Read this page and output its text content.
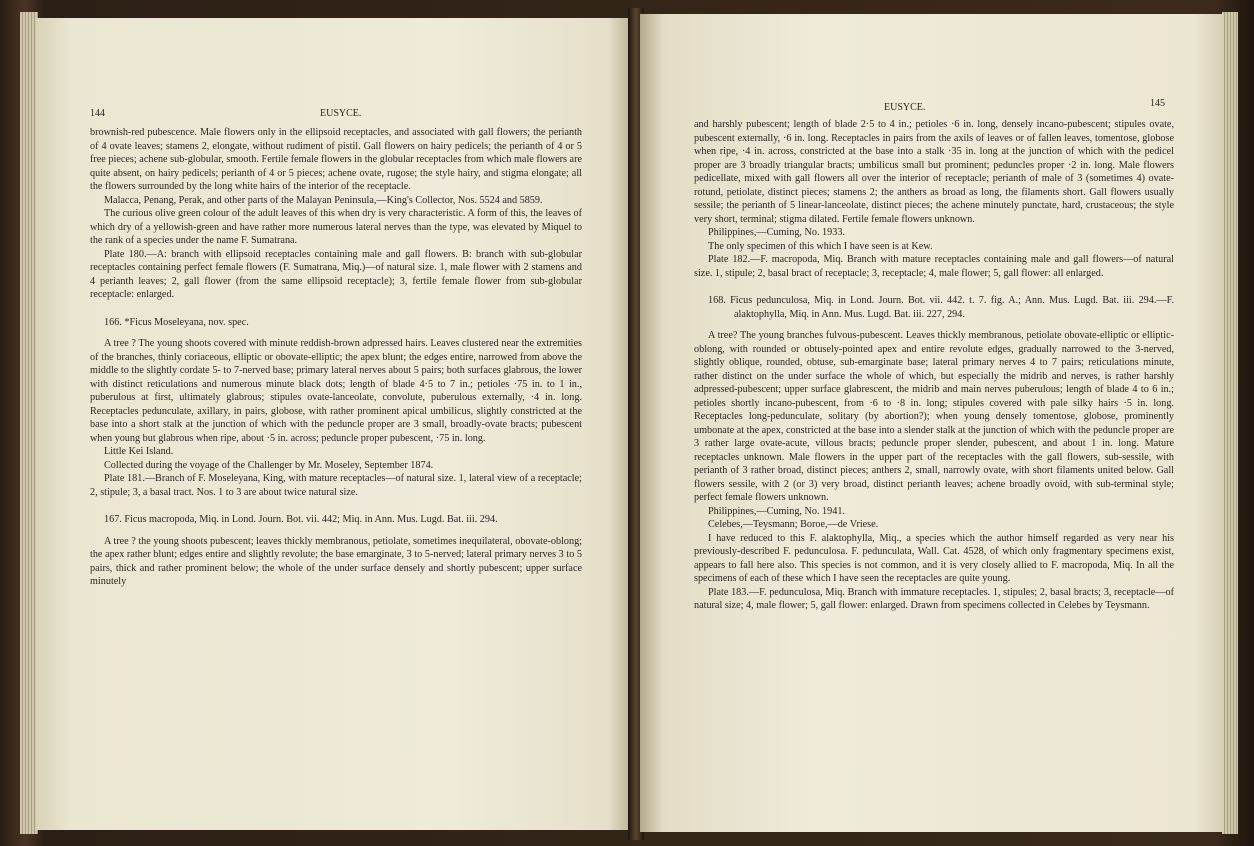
144	EUSYCE.

brownish-red pubescence. Male flowers only in the ellipsoid receptacles, and associated with gall flowers; the perianth of 4 ovate leaves; stamens 2, elongate, without rudiment of pistil. Gall flowers on hairy pedicels; the perianth of 4 or 5 free pieces; achene sub-globular, smooth. Fertile female flowers in the globular receptacles from which male flowers are quite absent, on hairy pedicels; perianth of 4 or 5 pieces; achene ovate, rugose; the style hairy, and stigma elongate; all the flowers surrounded by the long white hairs of the interior of the receptacle.

Malacca, Penang, Perak, and other parts of the Malayan Peninsula,—King's Collector, Nos. 5524 and 5859.

The curious olive green colour of the adult leaves of this when dry is very characteristic. A form of this, the leaves of which dry of a yellowish-green and have rather more numerous lateral nerves than the type, was elevated by Miquel to the rank of a species under the name F. Sumatrana.

Plate 180.—A: branch with ellipsoid receptacles containing male and gall flowers. B: branch with sub-globular receptacles containing perfect female flowers (F. Sumatrana, Miq.)—of natural size. 1, male flower with 2 stamens and 4 perianth leaves; 2, gall flower (from the same ellipsoid receptacle); 3, fertile female flower from sub-globular receptacle: enlarged.

166. *Ficus Moseleyana, nov. spec.

A tree ? The young shoots covered with minute reddish-brown adpressed hairs. Leaves clustered near the extremities of the branches, thinly coriaceous, elliptic or obovate-elliptic; the apex blunt; the edges entire, narrowed from above the middle to the slightly cordate 5- to 7-nerved base; primary lateral nerves about 5 pairs; both surfaces glabrous, the lower with distinct reticulations and numerous minute black dots; length of blade 4·5 to 7 in.; petioles ·75 in. to 1 in., puberulous at first, ultimately glabrous; stipules ovate-lanceolate, convolute, puberulous externally, ·4 in. long. Receptacles pedunculate, axillary, in pairs, globose, with rather prominent apical umbilicus, slightly constricted at the base into a short stalk at the junction of which with the peduncle proper are 3 small, broadly-ovate bracts; pubescent when young but glabrous when ripe, about ·5 in. across; peduncle proper pubescent, ·75 in. long.

Little Kei Island.

Collected during the voyage of the Challenger by Mr. Moseley, September 1874.

Plate 181.—Branch of F. Moseleyana, King, with mature receptacles—of natural size. 1, lateral view of a receptacle; 2, stipule; 3, a basal tract. Nos. 1 to 3 are about twice natural size.

167. Ficus macropoda, Miq. in Lond. Journ. Bot. vii. 442; Miq. in Ann. Mus. Lugd. Bat. iii. 294.

A tree ? the young shoots pubescent; leaves thickly membranous, petiolate, sometimes inequilateral, obovate-oblong; the apex rather blunt; edges entire and slightly revolute; the base emarginate, 3 to 5-nerved; lateral primary nerves 3 to 5 pairs, thick and rather prominent below; the whole of the under surface densely and shortly pubescent; upper surface minutely

EUSYCE.	145

and harshly pubescent; length of blade 2·5 to 4 in.; petioles ·6 in. long, densely incano-pubescent; stipules ovate, pubescent externally, ·6 in. long. Receptacles in pairs from the axils of leaves or of fallen leaves, tomentose, globose when ripe, ·4 in. across, constricted at the base into a stalk ·35 in. long at the junction of which with the pedicel proper are 3 broadly triangular bracts; umbilicus small but prominent; peduncles proper ·2 in. long. Male flowers pedicellate, mixed with gall flowers all over the interior of receptacle; perianth of male of 3 (sometimes 4) ovate-rotund, petiolate, distinct pieces; stamens 2; the anthers as broad as long, the filaments short. Gall flowers usually sessile; the perianth of 5 linear-lanceolate, distinct pieces; the achene minutely punctate, hard, crustaceous; the style very short, terminal; stigma dilated. Fertile female flowers unknown.

Philippines,—Cuming, No. 1933.

The only specimen of this which I have seen is at Kew.

Plate 182.—F. macropoda, Miq. Branch with mature receptacles containing male and gall flowers—of natural size. 1, stipule; 2, basal bract of receptacle; 3, receptacle; 4, male flower; 5, gall flower: all enlarged.

168. Ficus pedunculosa, Miq. in Lond. Journ. Bot. vii. 442. t. 7. fig. A.; Ann. Mus. Lugd. Bat. iii. 294.—F. alaktophylla, Miq. in Ann. Mus. Lugd. Bat. iii. 227, 294.

A tree? The young branches fulvous-pubescent. Leaves thickly membranous, petiolate obovate-elliptic or elliptic-oblong, with rounded or obtusely-pointed apex and entire revolute edges, gradually narrowed to the 3-nerved, slightly oblique, rounded, obtuse, sub-emarginate base; lateral primary nerves 4 to 7 pairs; reticulations minute, rather distinct on the under surface the whole of which, but especially the midrib and nerves, is rather harshly adpressed-pubescent; upper surface glabrescent, the midrib and main nerves puberulous; length of blade 4 to 6 in.; petioles shortly incano-pubescent, from ·6 to ·8 in. long; stipules covered with pale silky hairs ·5 in. long. Receptacles long-pedunculate, solitary (by abortion?); when young densely tomentose, globose, prominently umbonate at the apex, constricted at the base into a slender stalk at the junction of which with the peduncle proper are 3 rather large ovate-acute, villous bracts; peduncle proper slender, pubescent, and about 1 in. long. Mature receptacles unknown. Male flowers in the upper part of the receptacles with the gall flowers, sub-sessile, with perianth of 3 rather broad, distinct pieces; anthers 2, small, narrowly ovate, with short filaments united below. Gall flowers sessile, with 2 (or 3) very broad, distinct perianth leaves; achene broadly ovoid, with sub-terminal style; perfect female flowers unknown.

Philippines,—Cuming, No. 1941.

Celebes,—Teysmann; Boroe,—de Vriese.

I have reduced to this F. alaktophylla, Miq., a species which the author himself regarded as very near his previously-described F. pedunculosa. F. pedunculata, Wall. Cat. 4528, of which only fragmentary specimens exist, appears to fall here also. This species is not common, and it is very closely allied to F. macropoda, Miq. In all the specimens of each of these which I have seen the receptacles are quite young.

Plate 183.—F. pedunculosa, Miq. Branch with immature receptacles. 1, stipules; 2, basal bracts; 3, receptacle—of natural size; 4, male flower; 5, gall flower: enlarged. Drawn from specimens collected in Celebes by Teysmann.
